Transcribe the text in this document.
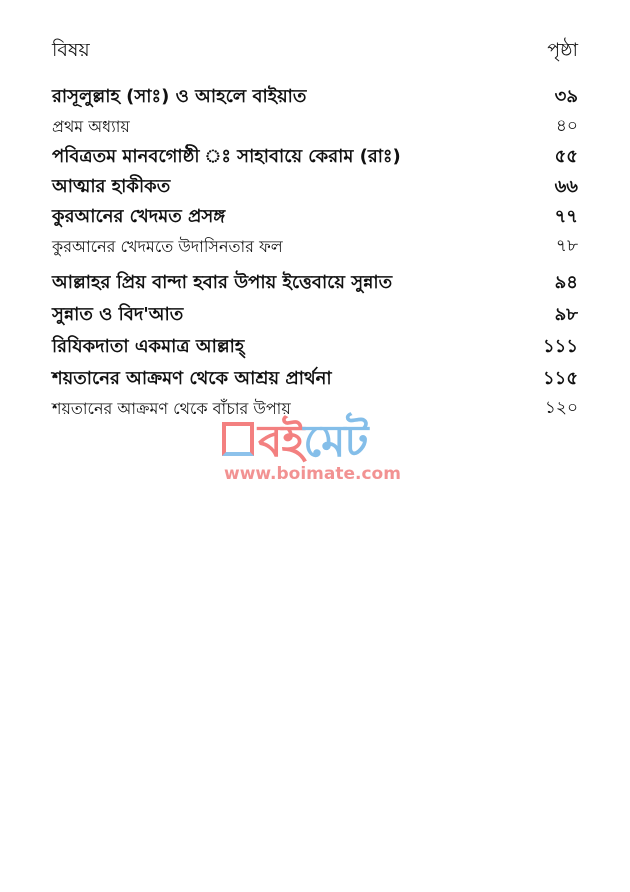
বিষয়	পৃষ্ঠা
রাসূলুল্লাহ (সাঃ) ও আহলে বাইয়াত	৩৯
প্রথম অধ্যায়	৪০
পবিত্রতম মানবগোষ্ঠী ঃ সাহাবায়ে কেরাম (রাঃ)	৫৫
আত্মার হাকীকত	৬৬
কুরআনের খেদমত প্রসঙ্গ	৭৭
কুরআনের খেদমতে উদাসিনতার ফল	৭৮
আল্লাহর প্রিয় বান্দা হবার উপায় ইত্তেবায়ে সুন্নাত	৯৪
সুন্নাত ও বিদ'আত	৯৮
রিযিকদাতা একমাত্র আল্লাহ্	১১১
শয়তানের আক্রমণ থেকে আশ্রয় প্রার্থনা	১১৫
শয়তানের আক্রমণ থেকে বাঁচার উপায়	১২০
বইমেট
www.boimate.com
